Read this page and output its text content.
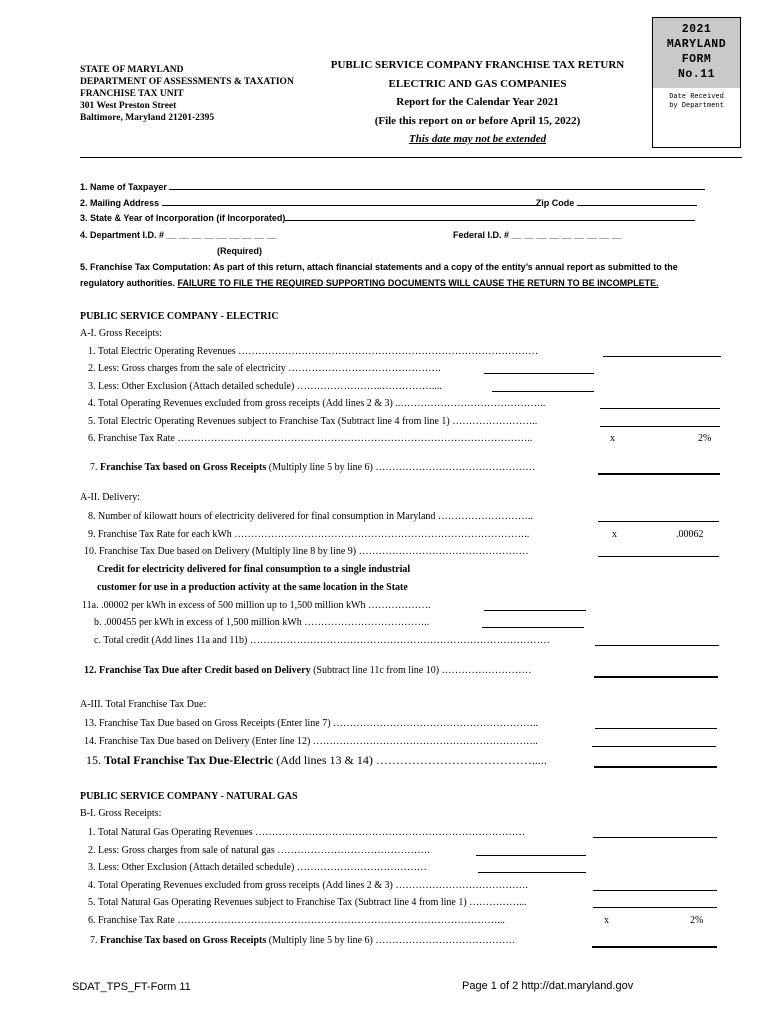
STATE OF MARYLAND
DEPARTMENT OF ASSESSMENTS & TAXATION
FRANCHISE TAX UNIT
301 West Preston Street
Baltimore, Maryland 21201-2395
PUBLIC SERVICE COMPANY FRANCHISE TAX RETURN
ELECTRIC AND GAS COMPANIES
Report for the Calendar Year 2021
(File this report on or before April 15, 2022)
This date may not be extended
2021
MARYLAND
FORM
No.11
Date Received
by Department
1. Name of Taxpayer
2. Mailing Address	Zip Code
3. State & Year of Incorporation (if Incorporated)
4. Department I.D. # __ __ __ __ __ __ __ __ __	Federal I.D. # __ __ __ __ __ __ __ __ __
(Required)
5. Franchise Tax Computation: As part of this return, attach financial statements and a copy of the entity’s annual report as submitted to the
regulatory authorities. FAILURE TO FILE THE REQUIRED SUPPORTING DOCUMENTS WILL CAUSE THE RETURN TO BE INCOMPLETE.
PUBLIC SERVICE COMPANY - ELECTRIC
A-I. Gross Receipts:
1. Total Electric Operating Revenues ………………………………………………………………………………
2. Less: Gross charges from the sale of electricity ……………………………………….
3. Less: Other Exclusion (Attach detailed schedule) ……………………..……………....
4. Total Operating Revenues excluded from gross receipts (Add lines 2 & 3) ..……………………………………..
5. Total Electric Operating Revenues subject to Franchise Tax (Subtract line 4 from line 1) ……………………..
6. Franchise Tax Rate ……………………………………………………………………………………………..	x	2%
7. Franchise Tax based on Gross Receipts (Multiply line 5 by line 6) …………………………………………
A-II. Delivery:
8. Number of kilowatt hours of electricity delivered for final consumption in Maryland ………………………..
9. Franchise Tax Rate for each kWh ……………………………………………………………………………..	x	.00062
10. Franchise Tax Due based on Delivery (Multiply line 8 by line 9) ……………………………………………
Credit for electricity delivered for final consumption to a single industrial
customer for use in a production activity at the same location in the State
11a. .00002 per kWh in excess of 500 million up to 1,500 million kWh ……………….
b. .000455 per kWh in excess of 1,500 million kWh ………………………………..
c. Total credit (Add lines 11a and 11b) ………………………………………………………………………………
12. Franchise Tax Due after Credit based on Delivery (Subtract line 11c from line 10) ………………………
A-III. Total Franchise Tax Due:
13. Franchise Tax Due based on Gross Receipts (Enter line 7) ……………………………………………………..
14. Franchise Tax Due based on Delivery (Enter line 12) …………………………………………………………..
15. Total Franchise Tax Due-Electric (Add lines 13 & 14) ………………………………….....
PUBLIC SERVICE COMPANY - NATURAL GAS
B-I. Gross Receipts:
1. Total Natural Gas Operating Revenues ………………………………………………………………………
2. Less: Gross charges from sale of natural gas ……………………………………….
3. Less: Other Exclusion (Attach detailed schedule) …………………………………
4. Total Operating Revenues excluded from gross receipts (Add lines 2 & 3) ………………………………….
5. Total Natural Gas Operating Revenues subject to Franchise Tax (Subtract line 4 from line 1) ……………...
6. Franchise Tax Rate ……………………………………………………………………………………...	x	2%
7. Franchise Tax based on Gross Receipts (Multiply line 5 by line 6) ……………………………………
SDAT_TPS_FT-Form 11	Page 1 of 2 http://dat.maryland.gov
